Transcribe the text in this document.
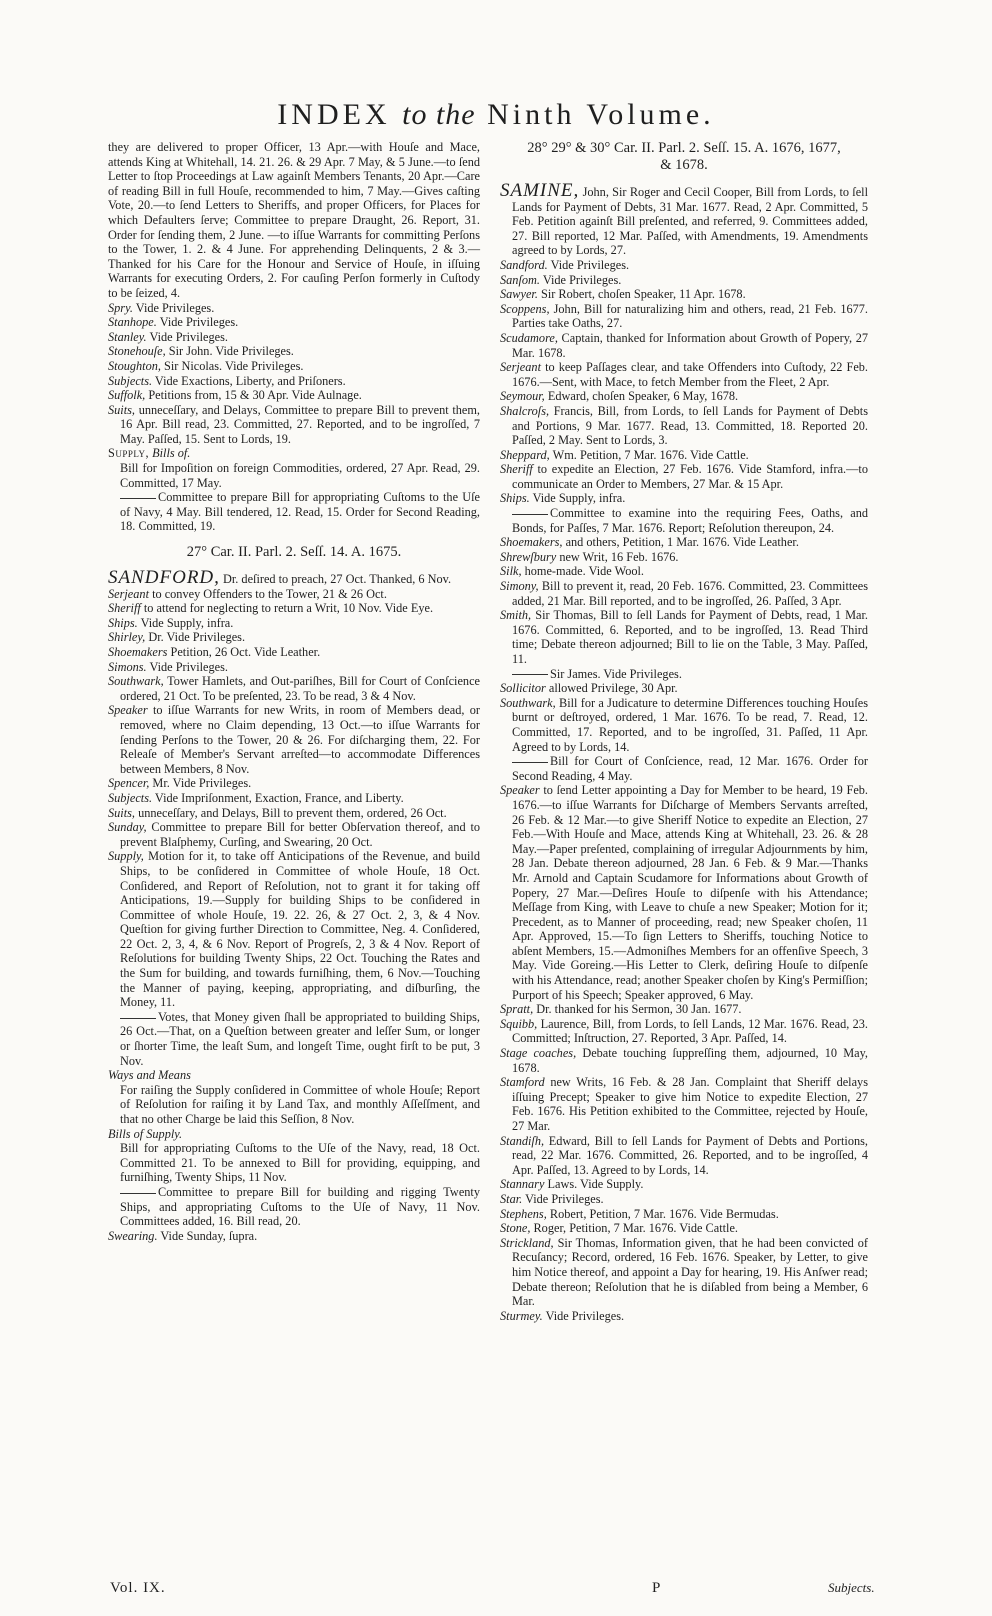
INDEX to the Ninth Volume.

they are delivered to proper Officer, 13 Apr.—with Houſe and Mace, attends King at Whitehall, 14. 21. 26. & 29 Apr. 7 May, & 5 June.—to ſend Letter to ſtop Proceedings at Law againſt Members Tenants, 20 Apr.—Care of reading Bill in full Houſe, recommended to him, 7 May.—Gives caſting Vote, 20.—to ſend Letters to Sheriffs, and proper Officers, for Places for which Defaulters ſerve; Committee to prepare Draught, 26. Report, 31. Order for ſending them, 2 June. —to iſſue Warrants for committing Perſons to the Tower, 1. 2. & 4 June. For apprehending Delinquents, 2 & 3.—Thanked for his Care for the Honour and Service of Houſe, in iſſuing Warrants for executing Orders, 2. For cauſing Perſon formerly in Cuſtody to be ſeized, 4.

Spry. Vide Privileges.

Stanhope. Vide Privileges.

Stanley. Vide Privileges.

Stonehouſe, Sir John. Vide Privileges.

Stoughton, Sir Nicolas. Vide Privileges.

Subjects. Vide Exactions, Liberty, and Priſoners.

Suffolk, Petitions from, 15 & 30 Apr. Vide Aulnage.

Suits, unneceſſary, and Delays, Committee to prepare Bill to prevent them, 16 Apr. Bill read, 23. Committed, 27. Reported, and to be ingroſſed, 7 May. Paſſed, 15. Sent to Lords, 19.

Supply, Bills of.

Bill for Impoſition on foreign Commodities, ordered, 27 Apr. Read, 29. Committed, 17 May.

Committee to prepare Bill for appropriating Cuſtoms to the Uſe of Navy, 4 May. Bill tendered, 12. Read, 15. Order for Second Reading, 18. Committed, 19.

27° Car. II. Parl. 2. Seſſ. 14. A. 1675.

SANDFORD, Dr. deſired to preach, 27 Oct. Thanked, 6 Nov.

Serjeant to convey Offenders to the Tower, 21 & 26 Oct.

Sheriff to attend for neglecting to return a Writ, 10 Nov. Vide Eye.

Ships. Vide Supply, infra.

Shirley, Dr. Vide Privileges.

Shoemakers Petition, 26 Oct. Vide Leather.

Simons. Vide Privileges.

Southwark, Tower Hamlets, and Out-pariſhes, Bill for Court of Conſcience ordered, 21 Oct. To be preſented, 23. To be read, 3 & 4 Nov.

Speaker to iſſue Warrants for new Writs, in room of Members dead, or removed, where no Claim depending, 13 Oct.—to iſſue Warrants for ſending Perſons to the Tower, 20 & 26. For diſcharging them, 22. For Releaſe of Member's Servant arreſted—to accommodate Differences between Members, 8 Nov.

Spencer, Mr. Vide Privileges.

Subjects. Vide Impriſonment, Exaction, France, and Liberty.

Suits, unneceſſary, and Delays, Bill to prevent them, ordered, 26 Oct.

Sunday, Committee to prepare Bill for better Obſervation thereof, and to prevent Blaſphemy, Curſing, and Swearing, 20 Oct.

Supply, Motion for it, to take off Anticipations of the Revenue, and build Ships, to be conſidered in Committee of whole Houſe, 18 Oct. Conſidered, and Report of Reſolution, not to grant it for taking off Anticipations, 19.—Supply for building Ships to be conſidered in Committee of whole Houſe, 19. 22. 26, & 27 Oct. 2, 3, & 4 Nov. Queſtion for giving further Direction to Committee, Neg. 4. Conſidered, 22 Oct. 2, 3, 4, & 6 Nov. Report of Progreſs, 2, 3 & 4 Nov. Report of Reſolutions for building Twenty Ships, 22 Oct. Touching the Rates and the Sum for building, and towards furniſhing, them, 6 Nov.—Touching the Manner of paying, keeping, appropriating, and diſburſing, the Money, 11.

Votes, that Money given ſhall be appropriated to building Ships, 26 Oct.—That, on a Queſtion between greater and leſſer Sum, or longer or ſhorter Time, the leaſt Sum, and longeſt Time, ought firſt to be put, 3 Nov.

Ways and Means

For raiſing the Supply conſidered in Committee of whole Houſe; Report of Reſolution for raiſing it by Land Tax, and monthly Aſſeſſment, and that no other Charge be laid this Seſſion, 8 Nov.

Bills of Supply.

Bill for appropriating Cuſtoms to the Uſe of the Navy, read, 18 Oct. Committed 21. To be annexed to Bill for providing, equipping, and furniſhing, Twenty Ships, 11 Nov.

Committee to prepare Bill for building and rigging Twenty Ships, and appropriating Cuſtoms to the Uſe of Navy, 11 Nov. Committees added, 16. Bill read, 20.

Swearing. Vide Sunday, ſupra.

28° 29° & 30° Car. II. Parl. 2. Seſſ. 15. A. 1676, 1677,
& 1678.

SAMINE, John, Sir Roger and Cecil Cooper, Bill from Lords, to ſell Lands for Payment of Debts, 31 Mar. 1677. Read, 2 Apr. Committed, 5 Feb. Petition againſt Bill preſented, and referred, 9. Committees added, 27. Bill reported, 12 Mar. Paſſed, with Amendments, 19. Amendments agreed to by Lords, 27.

Sandford. Vide Privileges.

Sanſom. Vide Privileges.

Sawyer. Sir Robert, choſen Speaker, 11 Apr. 1678.

Scoppens, John, Bill for naturalizing him and others, read, 21 Feb. 1677. Parties take Oaths, 27.

Scudamore, Captain, thanked for Information about Growth of Popery, 27 Mar. 1678.

Serjeant to keep Paſſages clear, and take Offenders into Cuſtody, 22 Feb. 1676.—Sent, with Mace, to fetch Member from the Fleet, 2 Apr.

Seymour, Edward, choſen Speaker, 6 May, 1678.

Shalcroſs, Francis, Bill, from Lords, to ſell Lands for Payment of Debts and Portions, 9 Mar. 1677. Read, 13. Committed, 18. Reported 20. Paſſed, 2 May. Sent to Lords, 3.

Sheppard, Wm. Petition, 7 Mar. 1676. Vide Cattle.

Sheriff to expedite an Election, 27 Feb. 1676. Vide Stamford, infra.—to communicate an Order to Members, 27 Mar. & 15 Apr.

Ships. Vide Supply, infra.

Committee to examine into the requiring Fees, Oaths, and Bonds, for Paſſes, 7 Mar. 1676. Report; Reſolution thereupon, 24.

Shoemakers, and others, Petition, 1 Mar. 1676. Vide Leather.

Shrewſbury new Writ, 16 Feb. 1676.

Silk, home-made. Vide Wool.

Simony, Bill to prevent it, read, 20 Feb. 1676. Committed, 23. Committees added, 21 Mar. Bill reported, and to be ingroſſed, 26. Paſſed, 3 Apr.

Smith, Sir Thomas, Bill to ſell Lands for Payment of Debts, read, 1 Mar. 1676. Committed, 6. Reported, and to be ingroſſed, 13. Read Third time; Debate thereon adjourned; Bill to lie on the Table, 3 May. Paſſed, 11.

Sir James. Vide Privileges.

Sollicitor allowed Privilege, 30 Apr.

Southwark, Bill for a Judicature to determine Differences touching Houſes burnt or deſtroyed, ordered, 1 Mar. 1676. To be read, 7. Read, 12. Committed, 17. Reported, and to be ingroſſed, 31. Paſſed, 11 Apr. Agreed to by Lords, 14.

Bill for Court of Conſcience, read, 12 Mar. 1676. Order for Second Reading, 4 May.

Speaker to ſend Letter appointing a Day for Member to be heard, 19 Feb. 1676.—to iſſue Warrants for Diſcharge of Members Servants arreſted, 26 Feb. & 12 Mar.—to give Sheriff Notice to expedite an Election, 27 Feb.—With Houſe and Mace, attends King at Whitehall, 23. 26. & 28 May.—Paper preſented, complaining of irregular Adjournments by him, 28 Jan. Debate thereon adjourned, 28 Jan. 6 Feb. & 9 Mar.—Thanks Mr. Arnold and Captain Scudamore for Informations about Growth of Popery, 27 Mar.—Deſires Houſe to diſpenſe with his Attendance; Meſſage from King, with Leave to chuſe a new Speaker; Motion for it; Precedent, as to Manner of proceeding, read; new Speaker choſen, 11 Apr. Approved, 15.—To ſign Letters to Sheriffs, touching Notice to abſent Members, 15.—Admoniſhes Members for an offenſive Speech, 3 May. Vide Goreing.—His Letter to Clerk, deſiring Houſe to diſpenſe with his Attendance, read; another Speaker choſen by King's Permiſſion; Purport of his Speech; Speaker approved, 6 May.

Spratt, Dr. thanked for his Sermon, 30 Jan. 1677.

Squibb, Laurence, Bill, from Lords, to ſell Lands, 12 Mar. 1676. Read, 23. Committed; Inſtruction, 27. Reported, 3 Apr. Paſſed, 14.

Stage coaches, Debate touching ſuppreſſing them, adjourned, 10 May, 1678.

Stamford new Writs, 16 Feb. & 28 Jan. Complaint that Sheriff delays iſſuing Precept; Speaker to give him Notice to expedite Election, 27 Feb. 1676. His Petition exhibited to the Committee, rejected by Houſe, 27 Mar.

Standiſh, Edward, Bill to ſell Lands for Payment of Debts and Portions, read, 22 Mar. 1676. Committed, 26. Reported, and to be ingroſſed, 4 Apr. Paſſed, 13. Agreed to by Lords, 14.

Stannary Laws. Vide Supply.

Star. Vide Privileges.

Stephens, Robert, Petition, 7 Mar. 1676. Vide Bermudas.

Stone, Roger, Petition, 7 Mar. 1676. Vide Cattle.

Strickland, Sir Thomas, Information given, that he had been convicted of Recuſancy; Record, ordered, 16 Feb. 1676. Speaker, by Letter, to give him Notice thereof, and appoint a Day for hearing, 19. His Anſwer read; Debate thereon; Reſolution that he is diſabled from being a Member, 6 Mar.

Sturmey. Vide Privileges.

Vol. IX.	P	Subjects.
